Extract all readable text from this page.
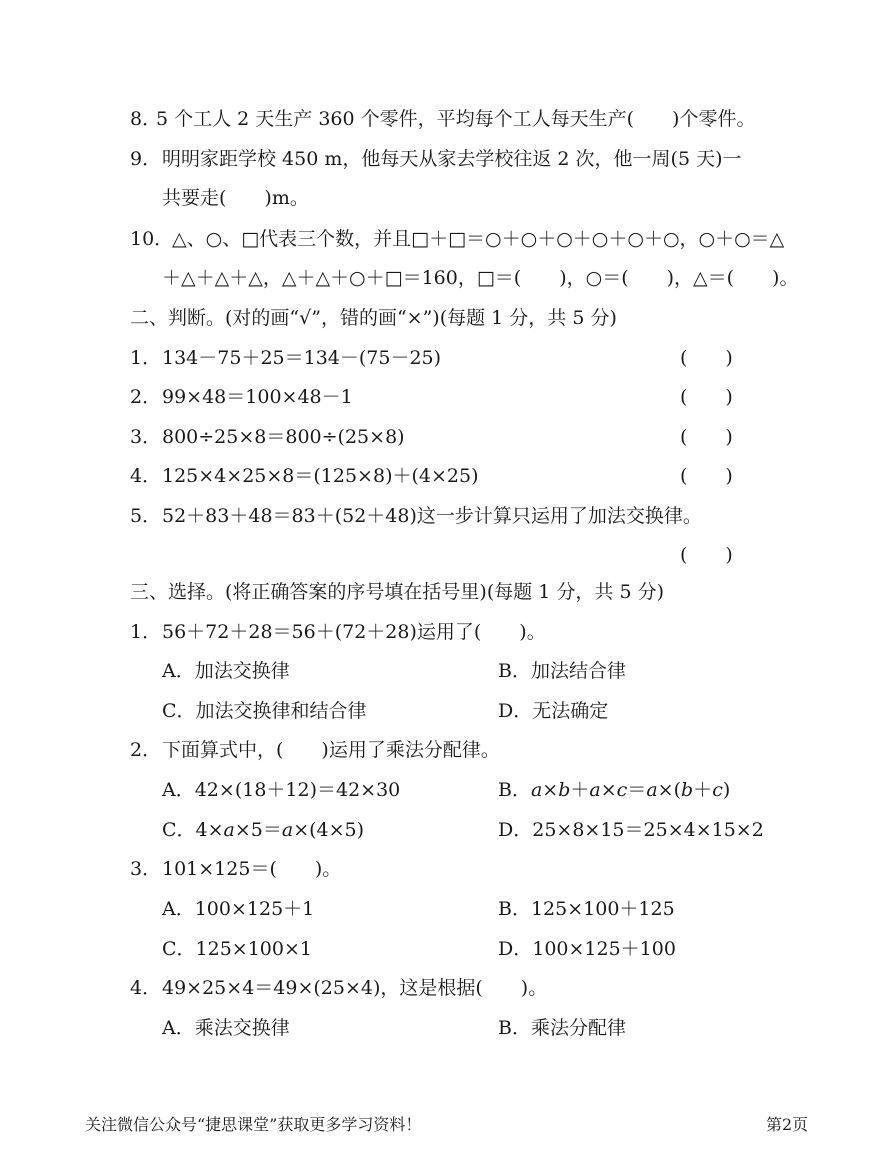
8．
5 个工人 2 天生产 360 个零件，平均每个工人每天生产(　　)个零件。
9． 明明家距学校 450 m，他每天从家去学校往返 2 次，他一周(5 天)一
共要走(　　)m。
10．
△、○、□代表三个数，并且□＋□＝○＋○＋○＋○＋○＋○，○＋○＝△
＋△＋△＋△，△＋△＋○＋□＝160，□＝(　　)，○＝(　　)，△＝(　　)。
二、判断。(对的画“√”，错的画“×”)(每题 1 分，共 5 分)
1． 134－75＋25＝134－(75－25)	(　　)
2． 99×48＝100×48－1	(　　)
3． 800÷25×8＝800÷(25×8)	(　　)
4． 125×4×25×8＝(125×8)＋(4×25)	(　　)
5． 52＋83＋48＝83＋(52＋48)这一步计算只运用了加法交换律。
(　　)
三、选择。(将正确答案的序号填在括号里)(每题 1 分，共 5 分)
1． 56＋72＋28＝56＋(72＋28)运用了(　　)。
A．加法交换律	B．加法结合律
C．加法交换律和结合律	D．无法确定
2． 下面算式中，(　　)运用了乘法分配律。
A．42×(18＋12)＝42×30	B．a×b＋a×c＝a×(b＋c)
C．4×a×5＝a×(4×5)	D．25×8×15＝25×4×15×2
3． 101×125＝(　　)。
A．100×125＋1	B．125×100＋125
C．125×100×1	D．100×125＋100
4． 49×25×4＝49×(25×4)，这是根据(　　)。
A．乘法交换律	B．乘法分配律
关注微信公众号“捷思课堂”获取更多学习资料！	第2页
